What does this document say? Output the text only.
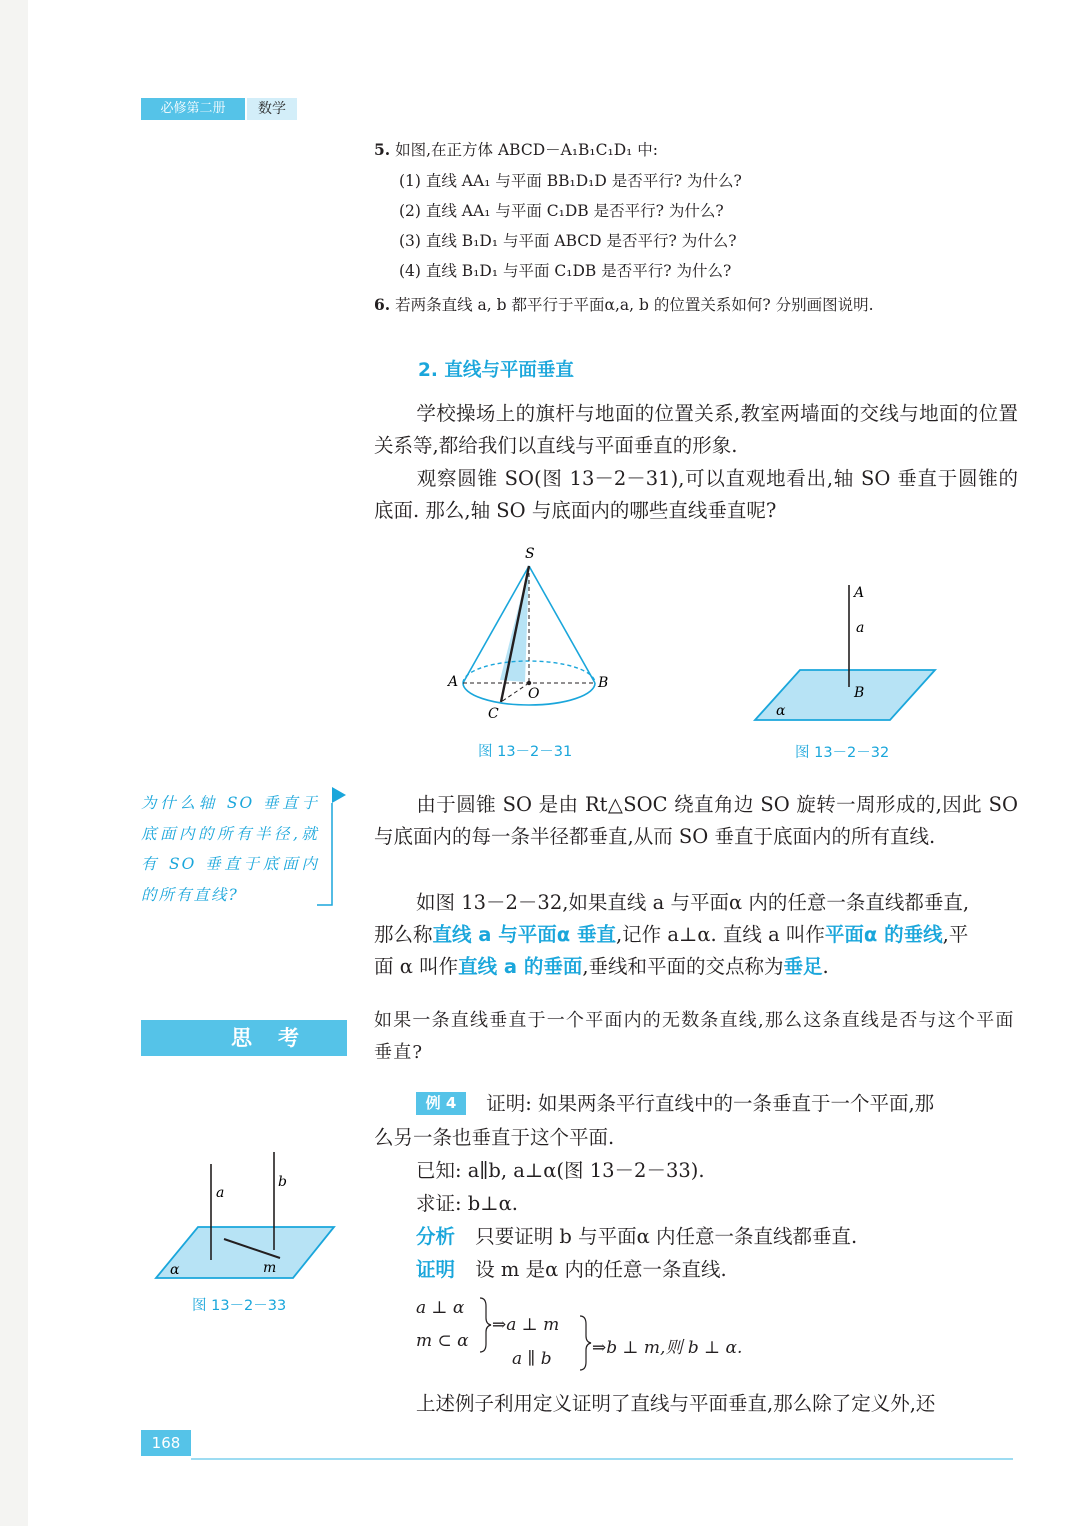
必修第二册	数学
5. 如图,在正方体 ABCD－A₁B₁C₁D₁ 中:
(1) 直线 AA₁ 与平面 BB₁D₁D 是否平行? 为什么?
(2) 直线 AA₁ 与平面 C₁DB 是否平行? 为什么?
(3) 直线 B₁D₁ 与平面 ABCD 是否平行? 为什么?
(4) 直线 B₁D₁ 与平面 C₁DB 是否平行? 为什么?
6. 若两条直线 a, b 都平行于平面α,a, b 的位置关系如何? 分别画图说明.
2. 直线与平面垂直
学校操场上的旗杆与地面的位置关系,教室两墙面的交线与地面的位置关系等,都给我们以直线与平面垂直的形象.
观察圆锥 SO(图 13－2－31),可以直观地看出,轴 SO 垂直于圆锥的底面. 那么,轴 SO 与底面内的哪些直线垂直呢?
S
A	B
O
C
图 13－2－31
A
a
B
α
图 13－2－32
为什么轴 SO 垂直于底面内的所有半径,就有 SO 垂直于底面内的所有直线?
由于圆锥 SO 是由 Rt△SOC 绕直角边 SO 旋转一周形成的,因此 SO 与底面内的每一条半径都垂直,从而 SO 垂直于底面内的所有直线.
如图 13－2－32,如果直线 a 与平面α 内的任意一条直线都垂直,
那么称直线 a 与平面α 垂直,记作 a⊥α. 直线 a 叫作平面α 的垂线,平
面 α 叫作直线 a 的垂面,垂线和平面的交点称为垂足.
思考
如果一条直线垂直于一个平面内的无数条直线,那么这条直线是否与这个平面垂直?
例 4 证明: 如果两条平行直线中的一条垂直于一个平面,那
么另一条也垂直于这个平面.
已知: a∥b, a⊥α(图 13－2－33).
求证: b⊥α.
分析 只要证明 b 与平面α 内任意一条直线都垂直.
证明 设 m 是α 内的任意一条直线.
a ⊥ α
m ⊂ α
⇒a ⊥ m
a ∥ b
⇒b ⊥ m,则 b ⊥ α.
上述例子利用定义证明了直线与平面垂直,那么除了定义外,还
a
b
m
α
图 13－2－33
168
